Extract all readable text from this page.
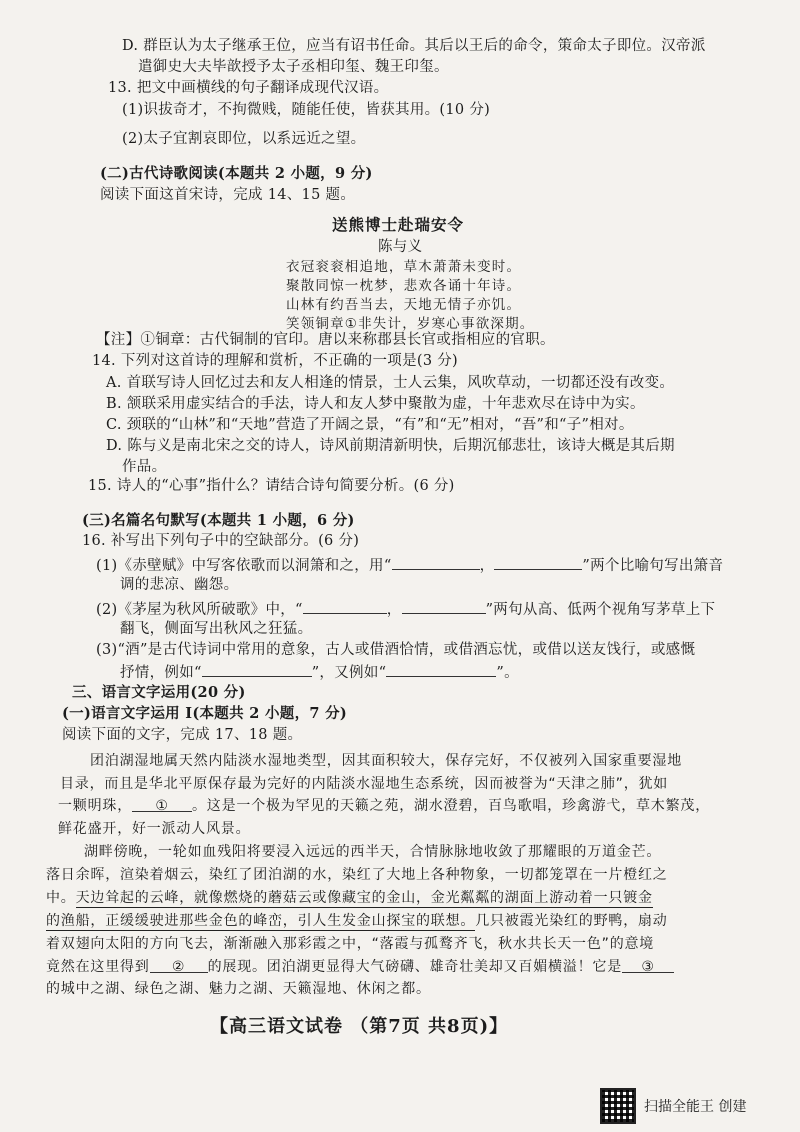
D. 群臣认为太子继承王位，应当有诏书任命。其后以王后的命令，策命太子即位。汉帝派
遣御史大夫毕歆授予太子丞相印玺、魏王印玺。
13. 把文中画横线的句子翻译成现代汉语。
(1)识拔奇才，不拘微贱，随能任使，皆获其用。(10 分)
(2)太子宜割哀即位，以系远近之望。
(二)古代诗歌阅读(本题共 2 小题，9 分)
阅读下面这首宋诗，完成 14、15 题。
送熊博士赴瑞安令
陈与义
衣冠衮衮相追地，草木萧萧未变时。
聚散同惊一枕梦，悲欢各诵十年诗。
山林有约吾当去，天地无情子亦饥。
笑领铜章①非失计，岁寒心事欲深期。
【注】①铜章：古代铜制的官印。唐以来称郡县长官或指相应的官职。
14. 下列对这首诗的理解和赏析，不正确的一项是(3 分)
A. 首联写诗人回忆过去和友人相逢的情景，士人云集，风吹草动，一切都还没有改变。
B. 颔联采用虚实结合的手法，诗人和友人梦中聚散为虚，十年悲欢尽在诗中为实。
C. 颈联的“山林”和“天地”营造了开阔之景，“有”和“无”相对，“吾”和“子”相对。
D. 陈与义是南北宋之交的诗人，诗风前期清新明快，后期沉郁悲壮，该诗大概是其后期
作品。
15. 诗人的“心事”指什么？请结合诗句简要分析。(6 分)
(三)名篇名句默写(本题共 1 小题，6 分)
16. 补写出下列句子中的空缺部分。(6 分)
(1)《赤壁赋》中写客依歌而以洞箫和之，用“	，	”两个比喻句写出箫音
调的悲凉、幽怨。
(2)《茅屋为秋风所破歌》中，“	，	”两句从高、低两个视角写茅草上下
翻飞，侧面写出秋风之狂猛。
(3)“酒”是古代诗词中常用的意象，古人或借酒恰情，或借酒忘忧，或借以送友饯行，或感慨
抒情，例如“	”，又例如“	”。
三、语言文字运用(20 分)
(一)语言文字运用 Ⅰ(本题共 2 小题，7 分)
阅读下面的文字，完成 17、18 题。
团泊湖湿地属天然内陆淡水湿地类型，因其面积较大，保存完好，不仅被列入国家重要湿地
目录，而且是华北平原保存最为完好的内陆淡水湿地生态系统，因而被誉为“天津之肺”，犹如
一颗明珠， ① 。这是一个极为罕见的天籁之苑，湖水澄碧，百鸟歌唱，珍禽游弋，草木繁茂，
鲜花盛开，好一派动人风景。
湖畔傍晚，一轮如血残阳将要浸入远远的西半天，合情脉脉地收敛了那耀眼的万道金芒。
落日余晖，渲染着烟云，染红了团泊湖的水，染红了大地上各种物象，一切都笼罩在一片橙红之
中。天边耸起的云峰，就像燃烧的蘑菇云或像藏宝的金山，金光粼粼的湖面上游动着一只镀金
的渔船，正缓缓驶进那些金色的峰峦，引人生发金山探宝的联想。几只被霞光染红的野鸭，扇动
着双翅向太阳的方向飞去，渐渐融入那彩霞之中，“落霞与孤鹜齐飞，秋水共长天一色”的意境
竟然在这里得到 ② 的展现。团泊湖更显得大气磅礴、雄奇壮美却又百媚横溢！它是 ③
的城中之湖、绿色之湖、魅力之湖、天籁湿地、休闲之都。
【高三语文试卷 （第7页 共8页)】
扫描全能王 创建
